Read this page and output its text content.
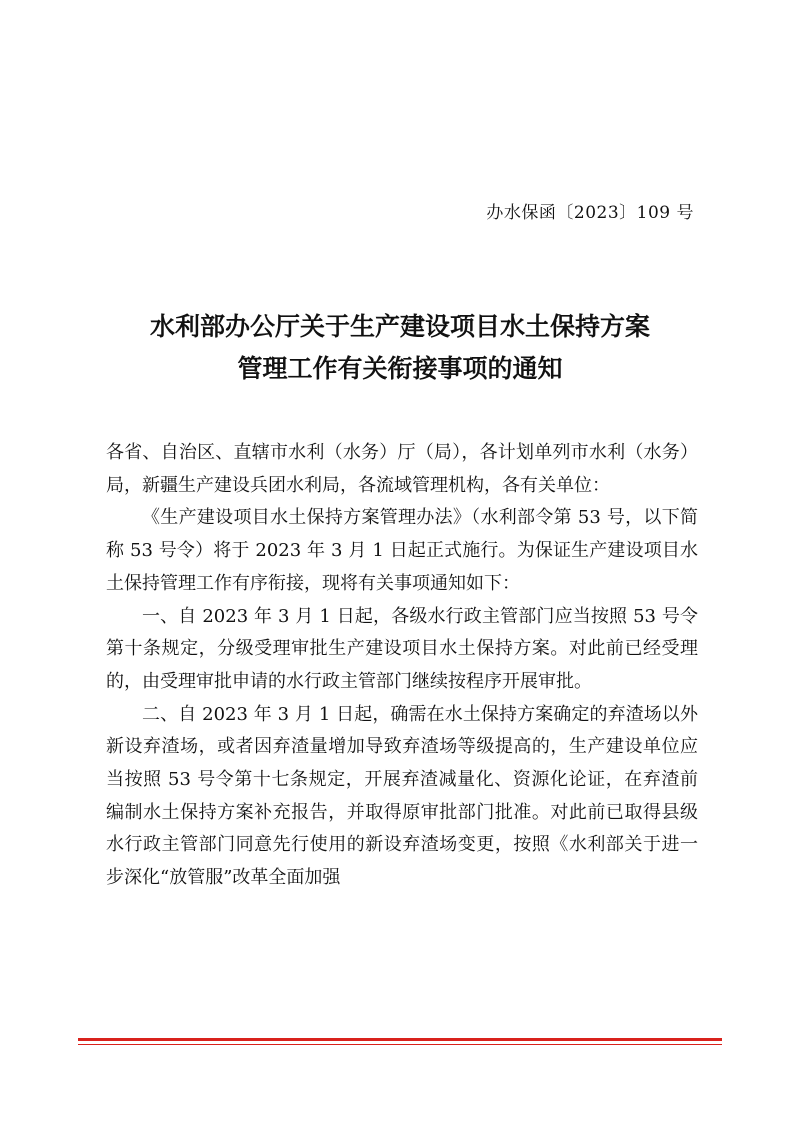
办水保函〔2023〕109 号
水利部办公厅关于生产建设项目水土保持方案
管理工作有关衔接事项的通知

各省、自治区、直辖市水利（水务）厅（局），各计划单列市水利（水务）局，新疆生产建设兵团水利局，各流域管理机构，各有关单位：

《生产建设项目水土保持方案管理办法》（水利部令第 53 号，以下简称 53 号令）将于 2023 年 3 月 1 日起正式施行。为保证生产建设项目水土保持管理工作有序衔接，现将有关事项通知如下：

一、自 2023 年 3 月 1 日起，各级水行政主管部门应当按照 53 号令第十条规定，分级受理审批生产建设项目水土保持方案。对此前已经受理的，由受理审批申请的水行政主管部门继续按程序开展审批。

二、自 2023 年 3 月 1 日起，确需在水土保持方案确定的弃渣场以外新设弃渣场，或者因弃渣量增加导致弃渣场等级提高的，生产建设单位应当按照 53 号令第十七条规定，开展弃渣减量化、资源化论证，在弃渣前编制水土保持方案补充报告，并取得原审批部门批准。对此前已取得县级水行政主管部门同意先行使用的新设弃渣场变更，按照《水利部关于进一步深化“放管服”改革全面加强
